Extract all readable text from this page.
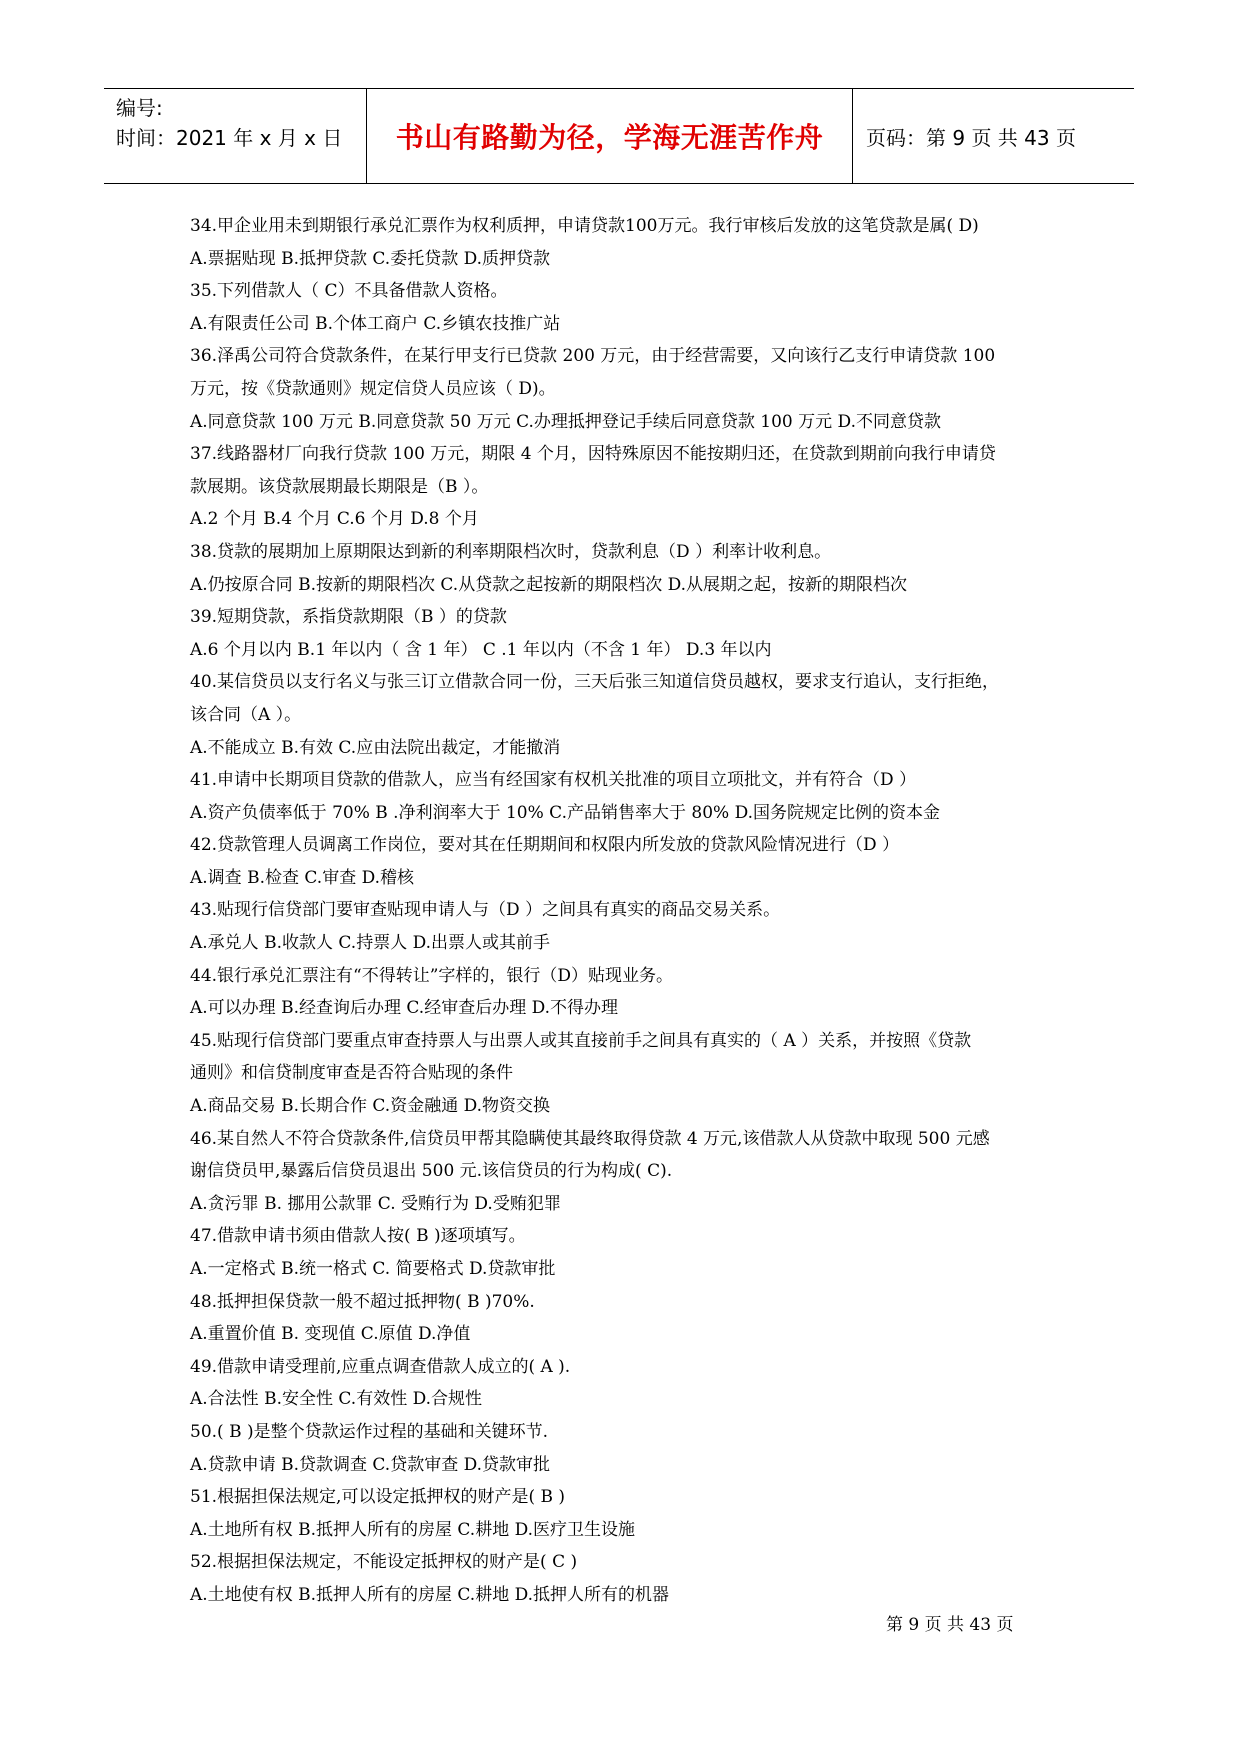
编号:
时间：2021 年 x 月 x 日	书山有路勤为径，学海无涯苦作舟	页码：第 9 页 共 43 页

34.甲企业用未到期银行承兑汇票作为权利质押，申请贷款100万元。我行审核后发放的这笔贷款是属( D)

A.票据贴现 B.抵押贷款 C.委托贷款 D.质押贷款

35.下列借款人（ C）不具备借款人资格。

A.有限责任公司 B.个体工商户 C.乡镇农技推广站

36.泽禹公司符合贷款条件，在某行甲支行已贷款 200 万元，由于经营需要，又向该行乙支行申请贷款 100

万元，按《贷款通则》规定信贷人员应该（ D)。

A.同意贷款 100 万元 B.同意贷款 50 万元 C.办理抵押登记手续后同意贷款 100 万元 D.不同意贷款

37.线路器材厂向我行贷款 100 万元，期限 4 个月，因特殊原因不能按期归还，在贷款到期前向我行申请贷

款展期。该贷款展期最长期限是（B ）。

A.2 个月 B.4 个月 C.6 个月 D.8 个月

38.贷款的展期加上原期限达到新的利率期限档次时，贷款利息（D ）利率计收利息。

A.仍按原合同 B.按新的期限档次 C.从贷款之起按新的期限档次 D.从展期之起，按新的期限档次

39.短期贷款，系指贷款期限（B ）的贷款

A.6 个月以内 B.1 年以内（ 含 1 年） C .1 年以内（不含 1 年） D.3 年以内

40.某信贷员以支行名义与张三订立借款合同一份，三天后张三知道信贷员越权，要求支行追认，支行拒绝，

该合同（A ）。

A.不能成立 B.有效 C.应由法院出裁定，才能撤消

41.申请中长期项目贷款的借款人，应当有经国家有权机关批准的项目立项批文，并有符合（D ）

A.资产负债率低于 70% B .净利润率大于 10% C.产品销售率大于 80% D.国务院规定比例的资本金

42.贷款管理人员调离工作岗位，要对其在任期期间和权限内所发放的贷款风险情况进行（D ）

A.调查 B.检查 C.审查 D.稽核

43.贴现行信贷部门要审查贴现申请人与（D ）之间具有真实的商品交易关系。

A.承兑人 B.收款人 C.持票人 D.出票人或其前手

44.银行承兑汇票注有“不得转让”字样的，银行（D）贴现业务。

A.可以办理 B.经查询后办理 C.经审查后办理 D.不得办理

45.贴现行信贷部门要重点审查持票人与出票人或其直接前手之间具有真实的（ A ）关系，并按照《贷款

通则》和信贷制度审查是否符合贴现的条件

A.商品交易 B.长期合作 C.资金融通 D.物资交换

46.某自然人不符合贷款条件,信贷员甲帮其隐瞒使其最终取得贷款 4 万元,该借款人从贷款中取现 500 元感

谢信贷员甲,暴露后信贷员退出 500 元.该信贷员的行为构成( C).

A.贪污罪 B. 挪用公款罪 C. 受贿行为 D.受贿犯罪

47.借款申请书须由借款人按( B )逐项填写。

A.一定格式 B.统一格式 C. 简要格式 D.贷款审批

48.抵押担保贷款一般不超过抵押物( B )70%.

A.重置价值 B. 变现值 C.原值 D.净值

49.借款申请受理前,应重点调查借款人成立的( A ).

A.合法性 B.安全性 C.有效性 D.合规性

50.( B )是整个贷款运作过程的基础和关键环节.

A.贷款申请 B.贷款调查 C.贷款审查 D.贷款审批

51.根据担保法规定,可以设定抵押权的财产是( B )

A.土地所有权 B.抵押人所有的房屋 C.耕地 D.医疗卫生设施

52.根据担保法规定，不能设定抵押权的财产是( C )

A.土地使有权 B.抵押人所有的房屋 C.耕地 D.抵押人所有的机器

第 9 页 共 43 页
